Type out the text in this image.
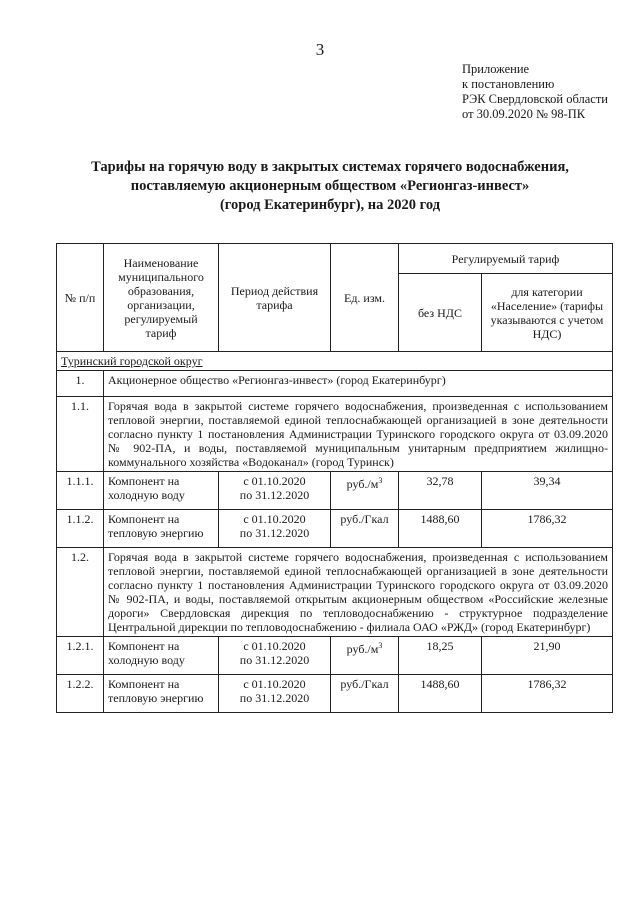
3
Приложение
к постановлению
РЭК Свердловской области
от 30.09.2020 № 98-ПК
Тарифы на горячую воду в закрытых системах горячего водоснабжения,
поставляемую акционерным обществом «Регионгаз-инвест»
(город Екатеринбург), на 2020 год
№ п/п	Наименование муниципального образования, организации, регулируемый тариф	Период действия тарифа	Ед. изм.	Регулируемый тариф	
				без НДС	для категории «Население» (тарифы указываются с учетом НДС)
Туринский городской округ					
1.	Акционерное общество «Регионгаз-инвест» (город Екатеринбург)				
1.1.	Горячая вода в закрытой системе горячего водоснабжения, произведенная с использованием тепловой энергии, поставляемой единой теплоснабжающей организацией в зоне деятельности согласно пункту 1 постановления Администрации Туринского городского округа от 03.09.2020 № 902-ПА, и воды, поставляемой муниципальным унитарным предприятием жилищно-коммунального хозяйства «Водоканал» (город Туринск)				
1.1.1.	Компонент на холодную воду	с 01.10.2020
по 31.12.2020	$руб./м^3$	32,78	39,34
1.1.2.	Компонент на тепловую энергию	с 01.10.2020
по 31.12.2020	руб./Гкал	1488,60	1786,32
1.2.	Горячая вода в закрытой системе горячего водоснабжения, произведенная с использованием тепловой энергии, поставляемой единой теплоснабжающей организацией в зоне деятельности согласно пункту 1 постановления Администрации Туринского городского округа от 03.09.2020 № 902-ПА, и воды, поставляемой открытым акционерным обществом «Российские железные дороги» Свердловская дирекция по тепловодоснабжению - структурное подразделение Центральной дирекции по тепловодоснабжению - филиала ОАО «РЖД» (город Екатеринбург)				
1.2.1.	Компонент на холодную воду	с 01.10.2020
по 31.12.2020	$руб./м^3$	18,25	21,90
1.2.2.	Компонент на тепловую энергию	с 01.10.2020
по 31.12.2020	руб./Гкал	1488,60	1786,32
